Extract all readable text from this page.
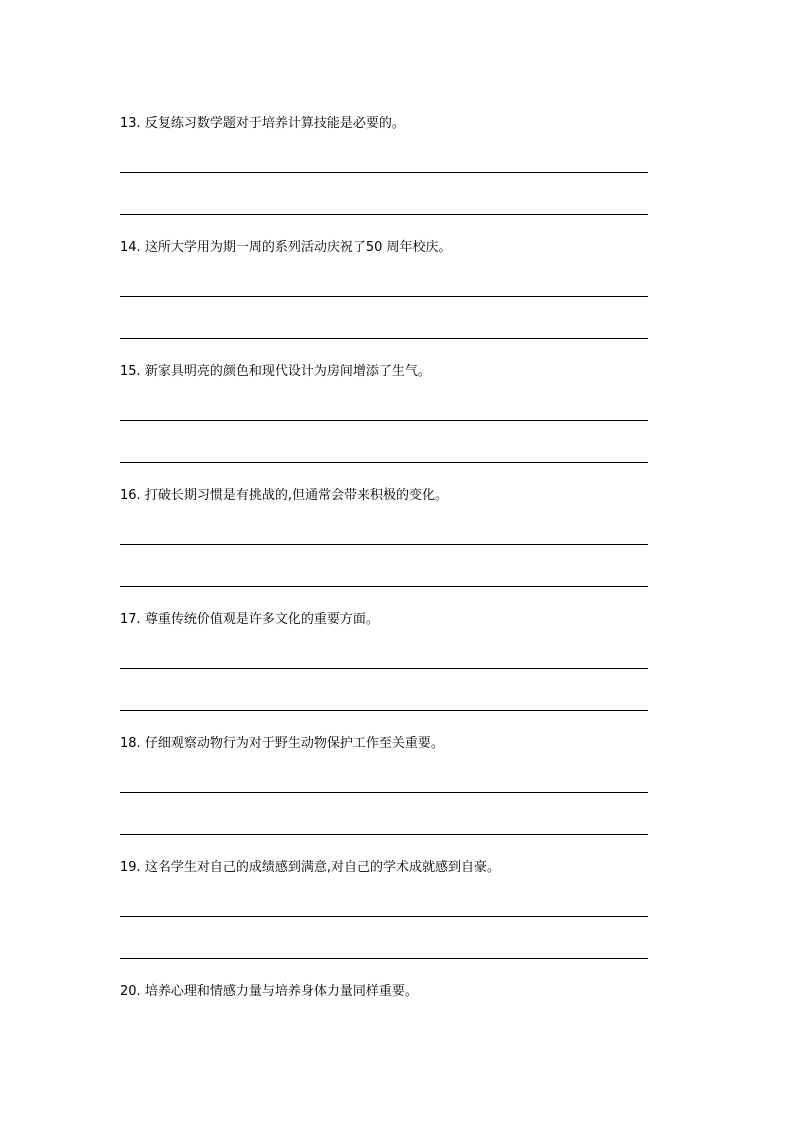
13. 反复练习数学题对于培养计算技能是必要的。
14. 这所大学用为期一周的系列活动庆祝了50 周年校庆。
15. 新家具明亮的颜色和现代设计为房间增添了生气。
16. 打破长期习惯是有挑战的,但通常会带来积极的变化。
17. 尊重传统价值观是许多文化的重要方面。
18. 仔细观察动物行为对于野生动物保护工作至关重要。
19. 这名学生对自己的成绩感到满意,对自己的学术成就感到自豪。
20. 培养心理和情感力量与培养身体力量同样重要。
